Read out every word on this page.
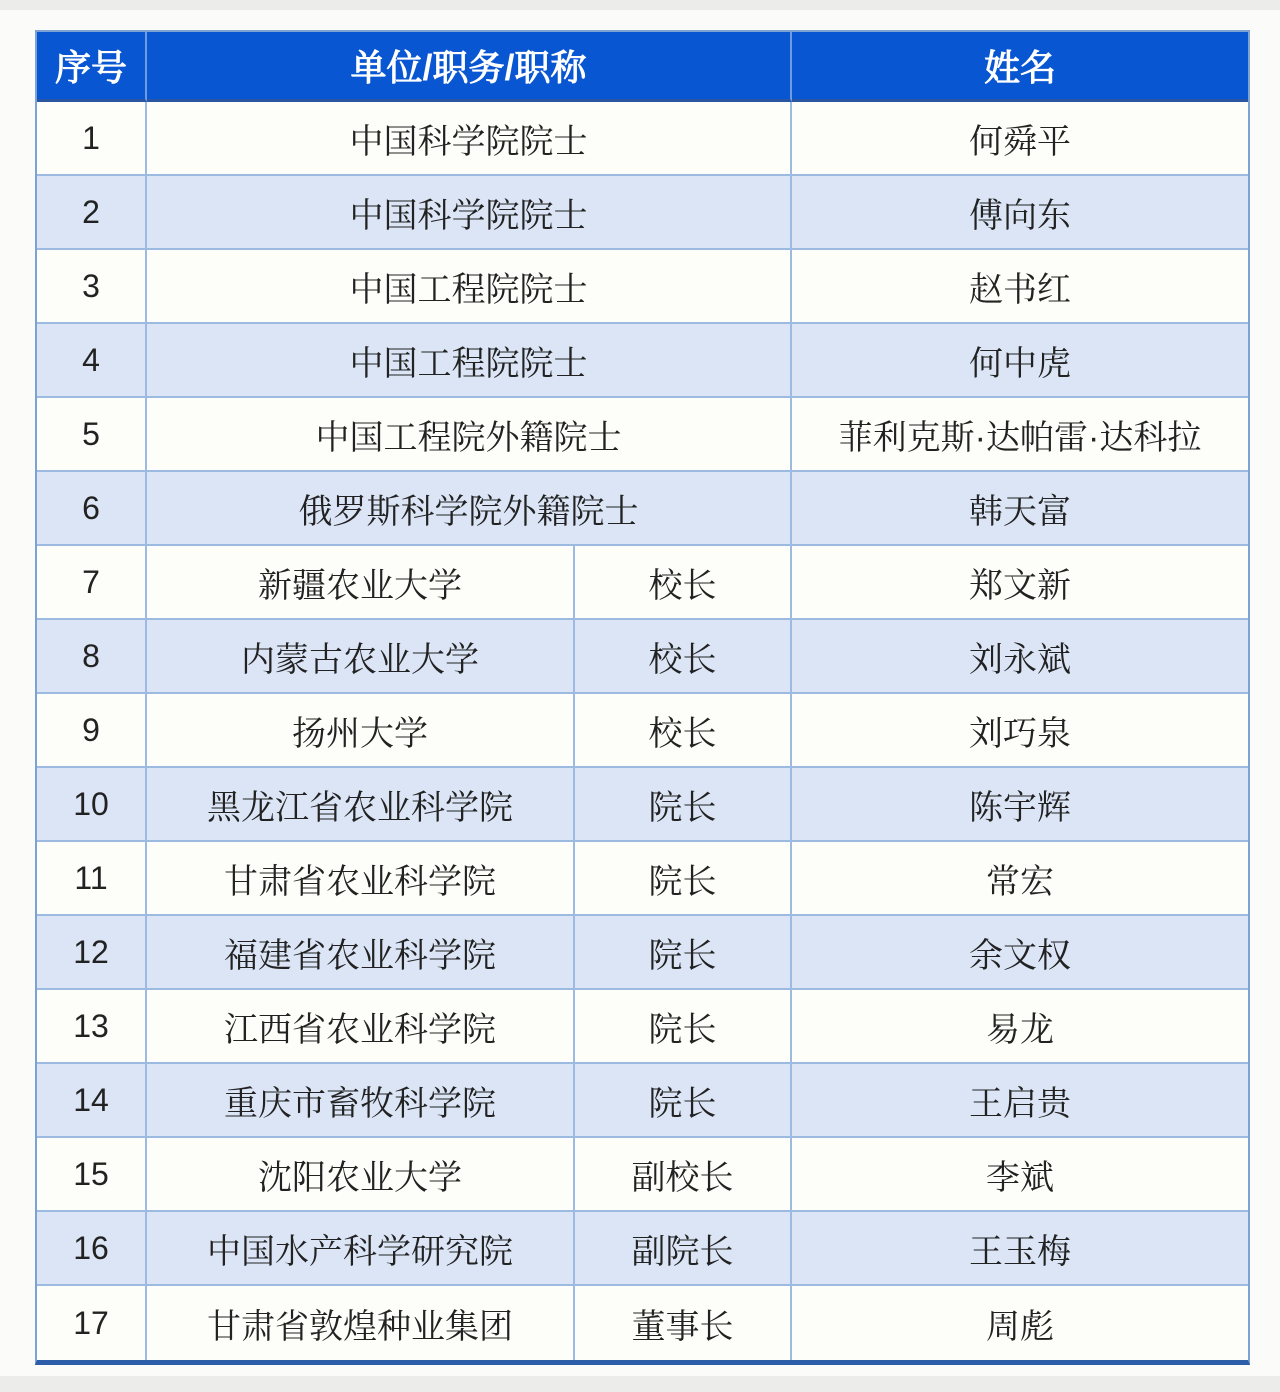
序号	单位/职务/职称	姓名
1	中国科学院院士	何舜平
2	中国科学院院士	傅向东
3	中国工程院院士	赵书红
4	中国工程院院士	何中虎
5	中国工程院外籍院士	菲利克斯·达帕雷·达科拉
6	俄罗斯科学院外籍院士	韩天富
7	新疆农业大学	校长	郑文新
8	内蒙古农业大学	校长	刘永斌
9	扬州大学	校长	刘巧泉
10	黑龙江省农业科学院	院长	陈宇辉
11	甘肃省农业科学院	院长	常宏
12	福建省农业科学院	院长	余文权
13	江西省农业科学院	院长	易龙
14	重庆市畜牧科学院	院长	王启贵
15	沈阳农业大学	副校长	李斌
16	中国水产科学研究院	副院长	王玉梅
17	甘肃省敦煌种业集团	董事长	周彪
